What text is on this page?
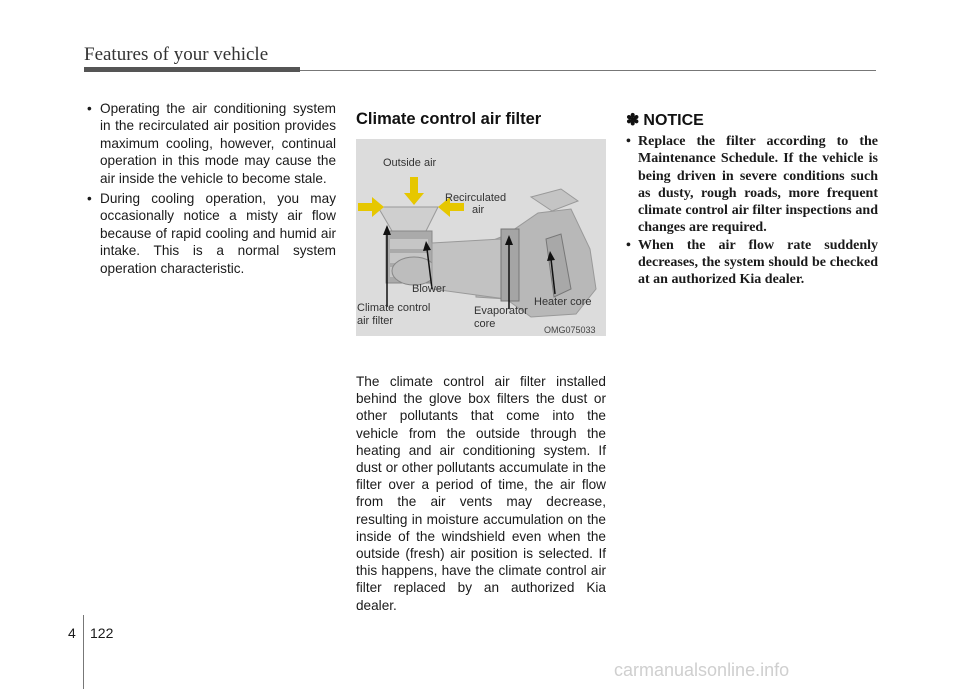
Features of your vehicle

• Operating the air conditioning system in the recirculated air position provides maximum cooling, however, continual operation in this mode may cause the air inside the vehicle to become stale.

• During cooling operation, you may occasionally notice a misty air flow because of rapid cooling and humid air intake. This is a normal system operation characteristic.

Climate control air filter
Outside air
Recirculated
air
Blower
Heater core
Climate control
air filter
Evaporator
core	OMG075033

The climate control air filter installed behind the glove box filters the dust or other pollutants that come into the vehicle from the outside through the heating and air conditioning system. If dust or other pollutants accumulate in the filter over a period of time, the air flow from the air vents may decrease, resulting in moisture accumulation on the inside of the windshield even when the outside (fresh) air position is selected. If this happens, have the climate control air filter replaced by an authorized Kia dealer.

✽ NOTICE

• Replace the filter according to the Maintenance Schedule. If the vehicle is being driven in severe conditions such as dusty, rough roads, more frequent climate control air filter inspections and changes are required.

• When the air flow rate suddenly decreases, the system should be checked at an authorized Kia dealer.

4 122
carmanualsonline.info
